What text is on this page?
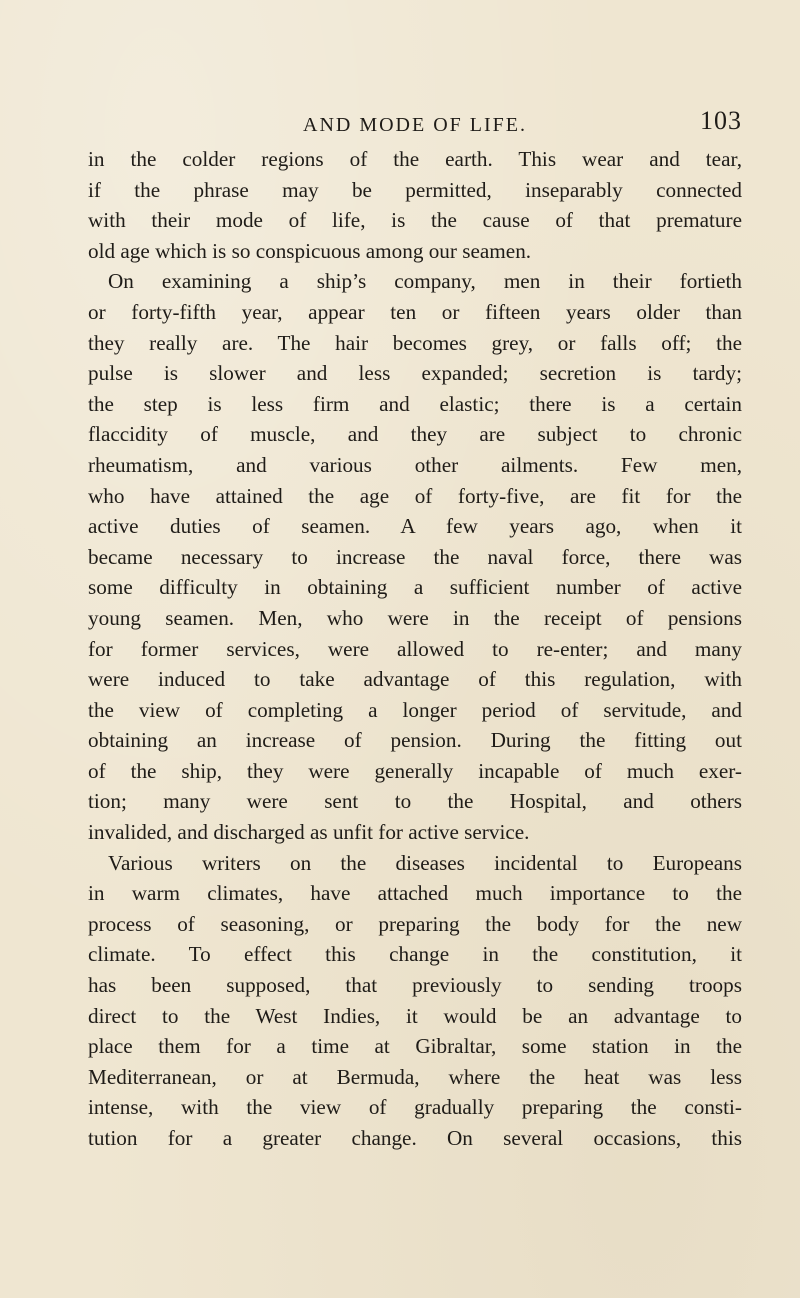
AND MODE OF LIFE.	103
in the colder regions of the earth. This wear and tear,
if the phrase may be permitted, inseparably connected
with their mode of life, is the cause of that premature
old age which is so conspicuous among our seamen.
On examining a ship’s company, men in their fortieth
or forty-fifth year, appear ten or fifteen years older than
they really are. The hair becomes grey, or falls off; the
pulse is slower and less expanded; secretion is tardy;
the step is less firm and elastic; there is a certain
flaccidity of muscle, and they are subject to chronic
rheumatism, and various other ailments. Few men,
who have attained the age of forty-five, are fit for the
active duties of seamen. A few years ago, when it
became necessary to increase the naval force, there was
some difficulty in obtaining a sufficient number of active
young seamen. Men, who were in the receipt of pensions
for former services, were allowed to re-enter; and many
were induced to take advantage of this regulation, with
the view of completing a longer period of servitude, and
obtaining an increase of pension. During the fitting out
of the ship, they were generally incapable of much exer-
tion; many were sent to the Hospital, and others
invalided, and discharged as unfit for active service.
Various writers on the diseases incidental to Europeans
in warm climates, have attached much importance to the
process of seasoning, or preparing the body for the new
climate. To effect this change in the constitution, it
has been supposed, that previously to sending troops
direct to the West Indies, it would be an advantage to
place them for a time at Gibraltar, some station in the
Mediterranean, or at Bermuda, where the heat was less
intense, with the view of gradually preparing the consti-
tution for a greater change. On several occasions, this
